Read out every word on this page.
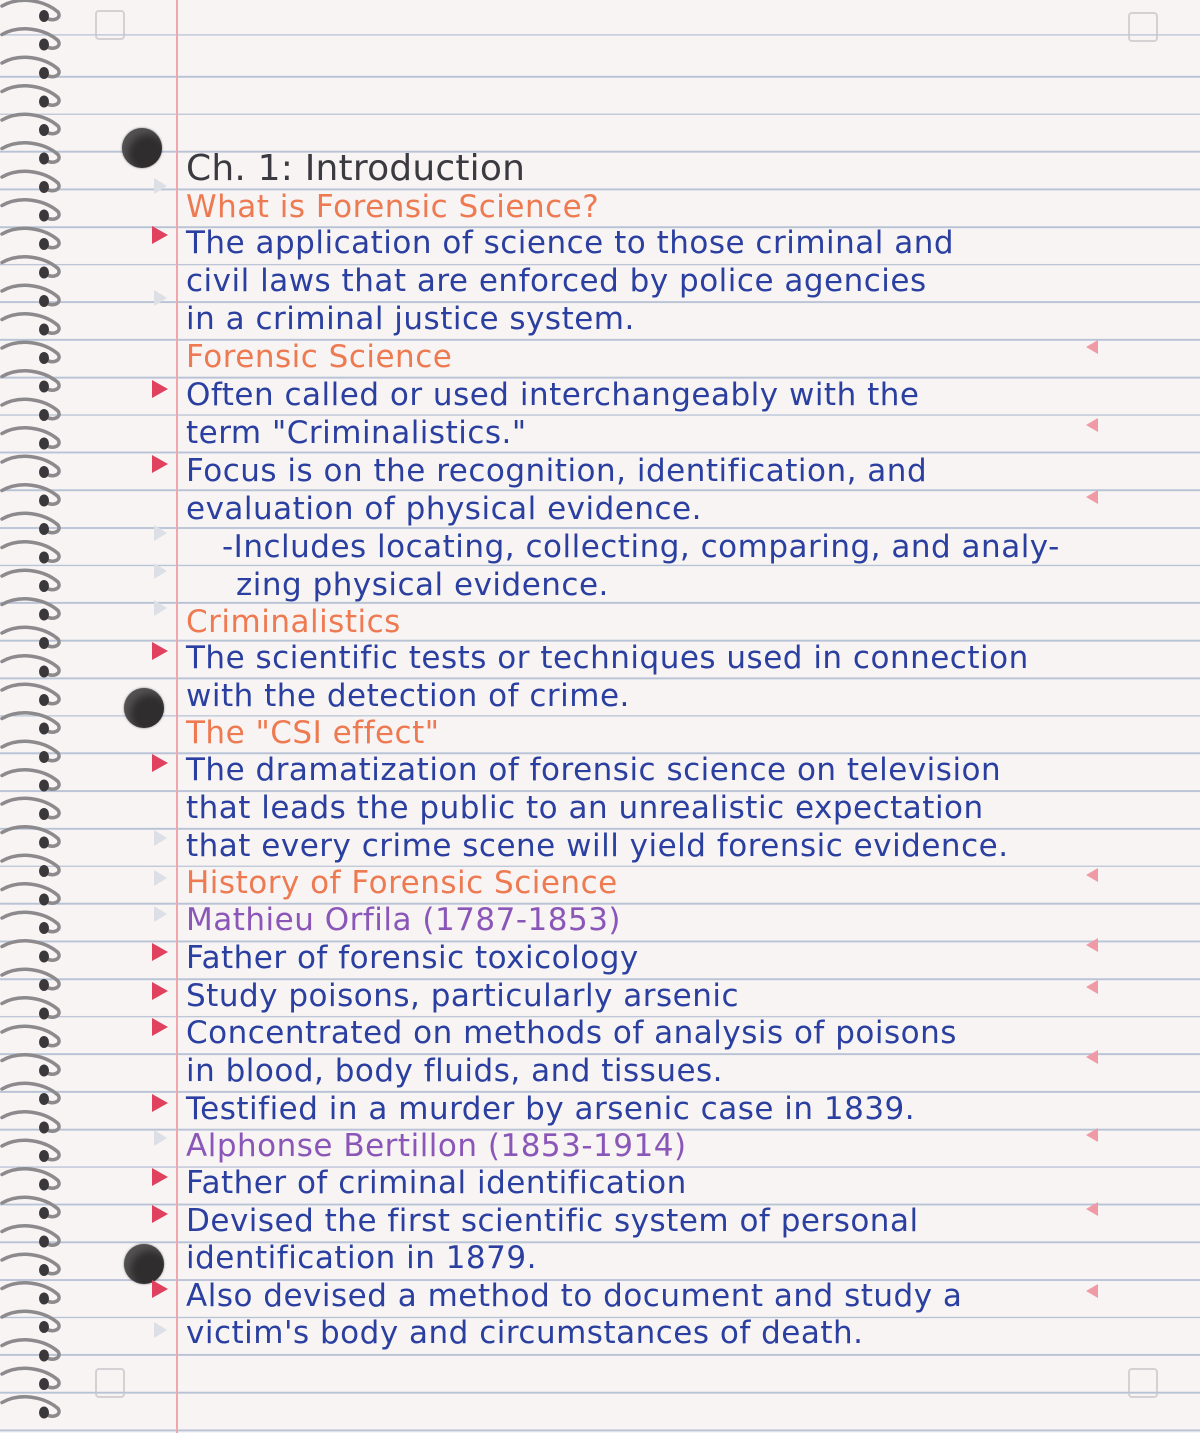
Ch. 1: Introduction
What is Forensic Science?
The application of science to those criminal and
civil laws that are enforced by police agencies
in a criminal justice system.
Forensic Science
Often called or used interchangeably with the
term "Criminalistics."
Focus is on the recognition, identification, and
evaluation of physical evidence.
-Includes locating, collecting, comparing, and analy-
zing physical evidence.
Criminalistics
The scientific tests or techniques used in connection
with the detection of crime.
The "CSI effect"
The dramatization of forensic science on television
that leads the public to an unrealistic expectation
that every crime scene will yield forensic evidence.
History of Forensic Science
Mathieu Orfila (1787-1853)
Father of forensic toxicology
Study poisons, particularly arsenic
Concentrated on methods of analysis of poisons
in blood, body fluids, and tissues.
Testified in a murder by arsenic case in 1839.
Alphonse Bertillon (1853-1914)
Father of criminal identification
Devised the first scientific system of personal
identification in 1879.
Also devised a method to document and study a
victim's body and circumstances of death.
